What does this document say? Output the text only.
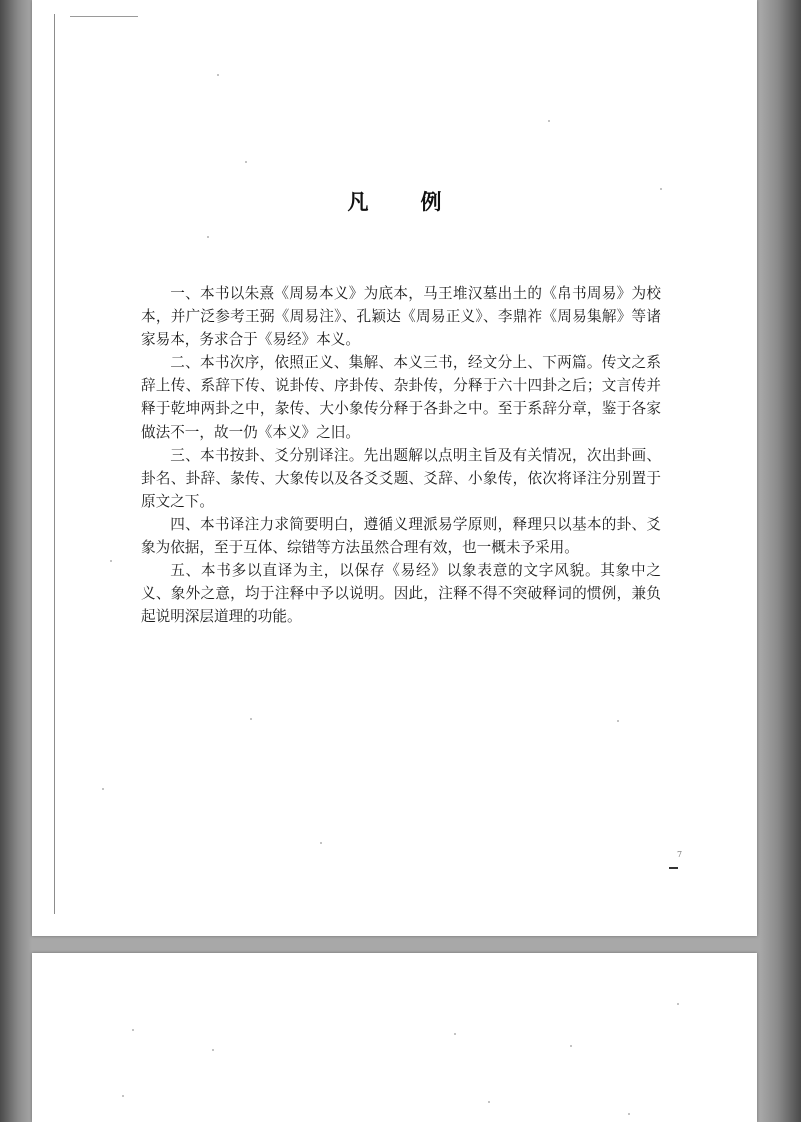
凡例

一、本书以朱熹《周易本义》为底本，马王堆汉墓出土的《帛书周易》为校本，并广泛参考王弼《周易注》、孔颖达《周易正义》、李鼎祚《周易集解》等诸家易本，务求合于《易经》本义。

二、本书次序，依照正义、集解、本义三书，经文分上、下两篇。传文之系辞上传、系辞下传、说卦传、序卦传、杂卦传，分释于六十四卦之后；文言传并释于乾坤两卦之中，彖传、大小象传分释于各卦之中。至于系辞分章，鉴于各家做法不一，故一仍《本义》之旧。

三、本书按卦、爻分别译注。先出题解以点明主旨及有关情况，次出卦画、卦名、卦辞、彖传、大象传以及各爻爻题、爻辞、小象传，依次将译注分别置于原文之下。

四、本书译注力求简要明白，遵循义理派易学原则，释理只以基本的卦、爻象为依据，至于互体、综错等方法虽然合理有效，也一概未予采用。

五、本书多以直译为主，以保存《易经》以象表意的文字风貌。其象中之义、象外之意，均于注释中予以说明。因此，注释不得不突破释词的惯例，兼负起说明深层道理的功能。

7
